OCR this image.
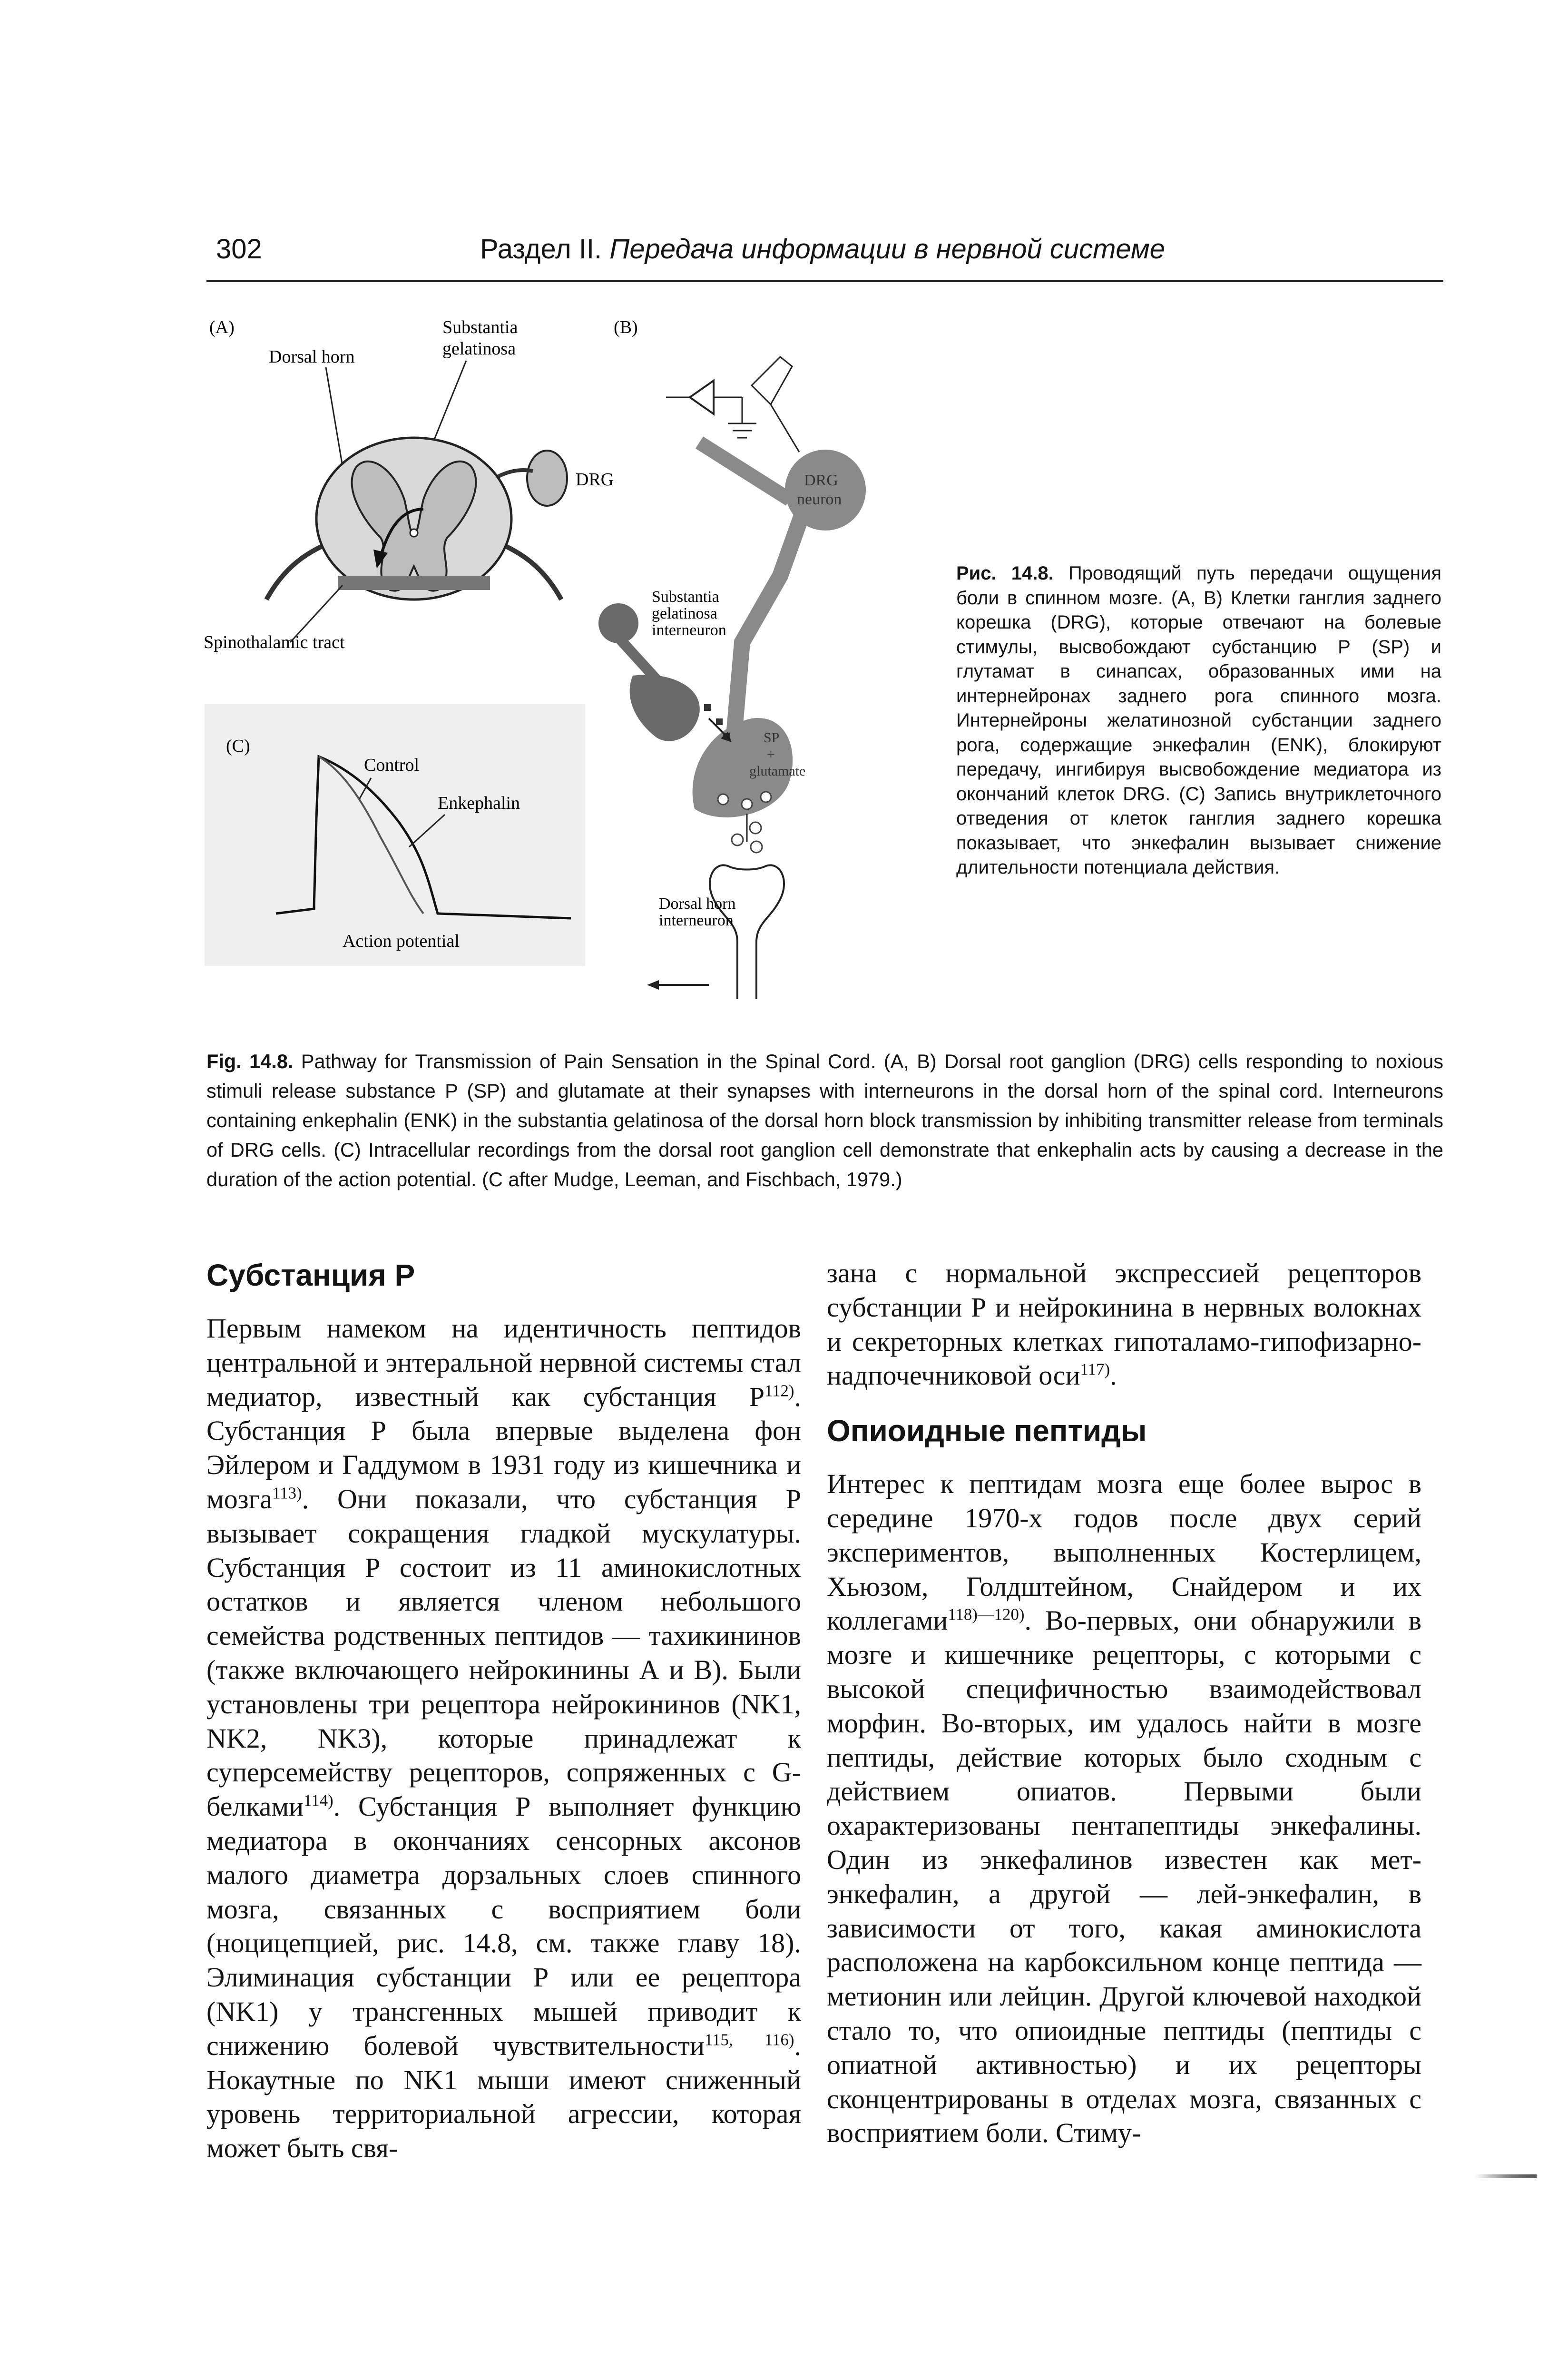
302	Раздел II. Передача информации в нервной системе
(A)
Dorsal horn
Substantia
gelatinosa
DRG
Spinothalamic tract
(C)
Control
Enkephalin
Action potential
(B)
DRG
neuron
SP
+
glutamate
Substantia
gelatinosa
interneuron
Dorsal horn
interneuron
Рис. 14.8. Проводящий путь передачи ощущения боли в спинном мозге. (А, В) Клетки ганглия заднего корешка (DRG), которые отвечают на болевые стимулы, высвобождают субстанцию Р (SP) и глутамат в синапсах, образованных ими на интернейронах заднего рога спинного мозга. Интернейроны желатинозной субстанции заднего рога, содержащие энкефалин (ENK), блокируют передачу, ингибируя высвобождение медиатора из окончаний клеток DRG. (С) Запись внутриклеточного отведения от клеток ганглия заднего корешка показывает, что энкефалин вызывает снижение длительности потенциала действия.
Fig. 14.8. Pathway for Transmission of Pain Sensation in the Spinal Cord. (A, B) Dorsal root ganglion (DRG) cells responding to noxious stimuli release substance P (SP) and glutamate at their synapses with interneurons in the dorsal horn of the spinal cord. Interneurons containing enkephalin (ENK) in the substantia gelatinosa of the dorsal horn block transmission by inhibiting transmitter release from terminals of DRG cells. (C) Intracellular recordings from the dorsal root ganglion cell demonstrate that enkephalin acts by causing a decrease in the duration of the action potential. (C after Mudge, Leeman, and Fischbach, 1979.)
Субстанция Р

Первым намеком на идентичность пептидов центральной и энтеральной нервной системы стал медиатор, известный как субстанция $Р^{112)}$. Субстанция Р была впервые выделена фон Эйлером и Гаддумом в 1931 году из кишечника и мозга$^{113)}$. Они показали, что субстанция Р вызывает сокращения гладкой мускулатуры. Субстанция Р состоит из 11 аминокислотных остатков и является членом небольшого семейства родственных пептидов — тахикининов (также включающего нейрокинины А и В). Были установлены три рецептора нейрокининов (NK1, NK2, NK3), которые принадлежат к суперсемейству рецепторов, сопряженных с G-белками$^{114)}$. Субстанция Р выполняет функцию медиатора в окончаниях сенсорных аксонов малого диаметра дорзальных слоев спинного мозга, связанных с восприятием боли (ноцицепцией, рис. 14.8, см. также главу 18). Элиминация субстанции Р или ее рецептора (NK1) у трансгенных мышей приводит к снижению болевой чувствительности$^{115, 116)}$. Нокаутные по NK1 мыши имеют сниженный уровень территориальной агрессии, которая может быть свя-

зана с нормальной экспрессией рецепторов субстанции Р и нейрокинина в нервных волокнах и секреторных клетках гипоталамо-гипофизарно-надпочечниковой оси$^{117)}$.

Опиоидные пептиды

Интерес к пептидам мозга еще более вырос в середине 1970-х годов после двух серий экспериментов, выполненных Костерлицем, Хьюзом, Голдштейном, Снайдером и их коллегами$^{118)—120)}$. Во-первых, они обнаружили в мозге и кишечнике рецепторы, с которыми с высокой специфичностью взаимодействовал морфин. Во-вторых, им удалось найти в мозге пептиды, действие которых было сходным с действием опиатов. Первыми были охарактеризованы пентапептиды энкефалины. Один из энкефалинов известен как мет-энкефалин, а другой — лей-энкефалин, в зависимости от того, какая аминокислота расположена на карбоксильном конце пептида — метионин или лейцин. Другой ключевой находкой стало то, что опиоидные пептиды (пептиды с опиатной активностью) и их рецепторы сконцентрированы в отделах мозга, связанных с восприятием боли. Стиму-
